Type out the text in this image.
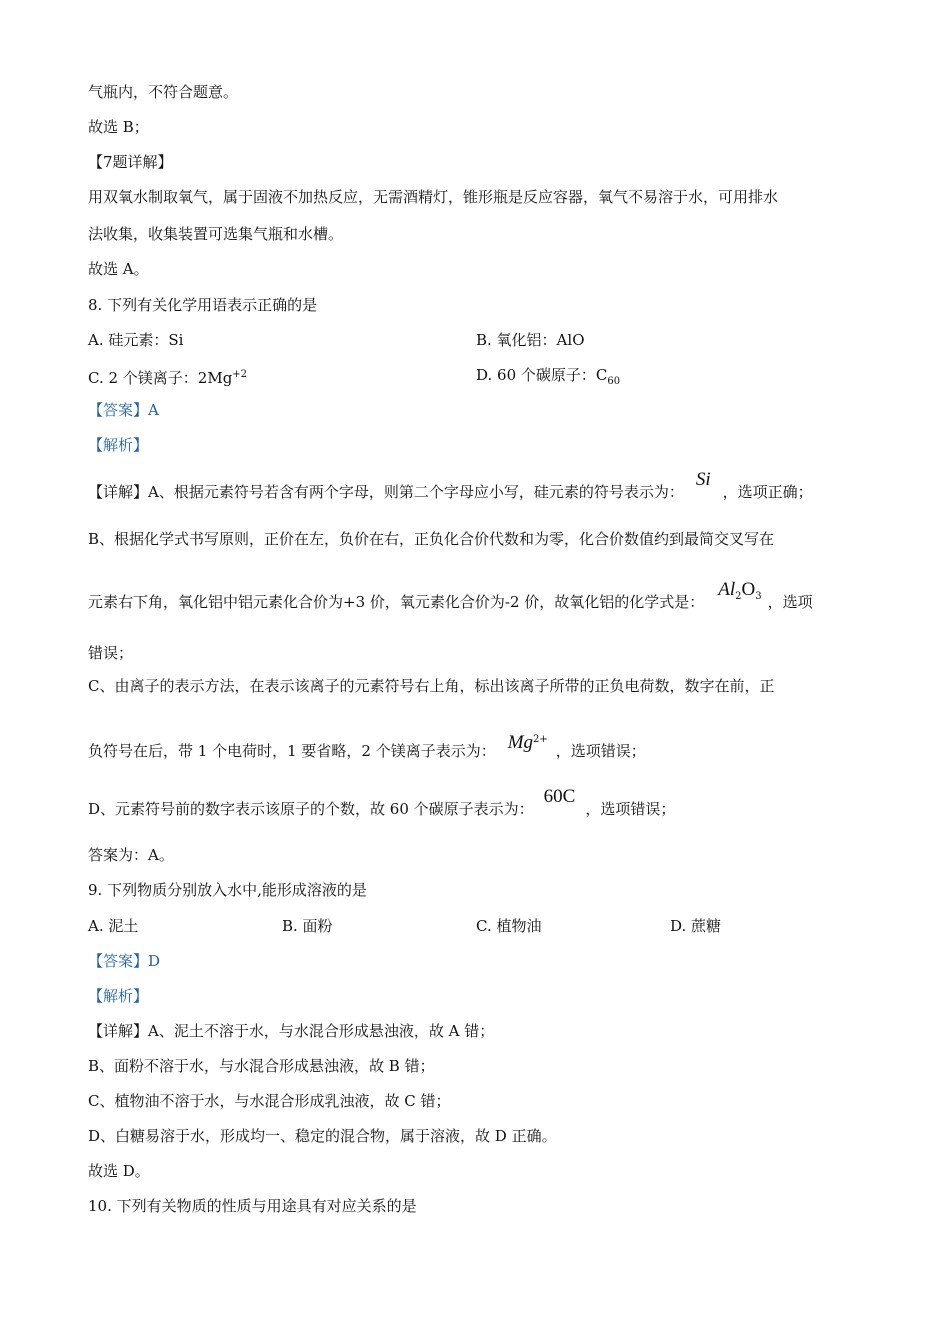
气瓶内，不符合题意。
故选 B；
【7题详解】
用双氧水制取氧气，属于固液不加热反应，无需酒精灯，锥形瓶是反应容器，氧气不易溶于水，可用排水
法收集，收集装置可选集气瓶和水槽。
故选 A。
8. 下列有关化学用语表示正确的是
A. 硅元素：Si	B. 氧化铝：AlO
C. 2 个镁离子：$2Mg^{+2}$	D. 60 个碳原子：$C_{60}$
【答案】A
【解析】
【详解】A、根据元素符号若含有两个字母，则第二个字母应小写，硅元素的符号表示为：Si，选项正确；
B、根据化学式书写原则，正价在左，负价在右，正负化合价代数和为零，化合价数值约到最简交叉写在
元素右下角，氧化铝中铝元素化合价为+3 价，氧元素化合价为-2 价，故氧化铝的化学式是：$Al_2O_3$ ，选项
错误；
C、由离子的表示方法，在表示该离子的元素符号右上角，标出该离子所带的正负电荷数，数字在前，正
负符号在后，带 1 个电荷时，1 要省略，2 个镁离子表示为： $Mg^{2+}$，选项错误；
D、元素符号前的数字表示该原子的个数，故 60 个碳原子表示为：60C，选项错误；
答案为：A。
9. 下列物质分别放入水中,能形成溶液的是
A. 泥土	B. 面粉	C. 植物油	D. 蔗糖
【答案】D
【解析】
【详解】A、泥土不溶于水，与水混合形成悬浊液，故 A 错；
B、面粉不溶于水，与水混合形成悬浊液，故 B 错；
C、植物油不溶于水，与水混合形成乳浊液，故 C 错；
D、白糖易溶于水，形成均一、稳定的混合物，属于溶液，故 D 正确。
故选 D。
10. 下列有关物质的性质与用途具有对应关系的是
